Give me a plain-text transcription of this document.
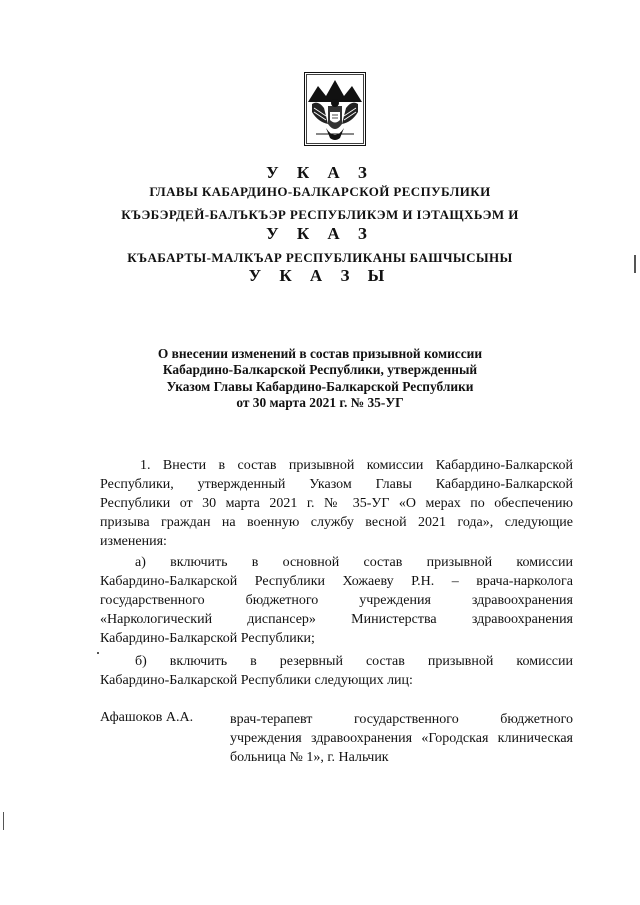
У К А З
ГЛАВЫ КАБАРДИНО-БАЛКАРСКОЙ РЕСПУБЛИКИ
КЪЭБЭРДЕЙ-БАЛЪКЪЭР РЕСПУБЛИКЭМ И ІЭТАЩХЬЭМ И
У К А З
КЪАБАРТЫ-МАЛКЪАР РЕСПУБЛИКАНЫ БАШЧЫСЫНЫ
У К А З Ы
О внесении изменений в состав призывной комиссии
Кабардино-Балкарской Республики, утвержденный
Указом Главы Кабардино-Балкарской Республики
от 30 марта 2021 г. № 35-УГ
1. Внести в состав призывной комиссии Кабардино-Балкарской
Республики, утвержденный Указом Главы Кабардино-Балкарской
Республики от 30 марта 2021 г. № 35-УГ «О мерах по обеспечению
призыва граждан на военную службу весной 2021 года», следующие
изменения:
а) включить в основной состав призывной комиссии
Кабардино-Балкарской Республики Хожаеву Р.Н. – врача-нарколога
государственного бюджетного учреждения здравоохранения
«Наркологический диспансер» Министерства здравоохранения
Кабардино-Балкарской Республики;
б) включить в резервный состав призывной комиссии
Кабардино-Балкарской Республики следующих лиц:
Афашоков А.А.	врач-терапевт государственного бюджетного
учреждения здравоохранения «Городская клиническая
больница № 1», г. Нальчик
